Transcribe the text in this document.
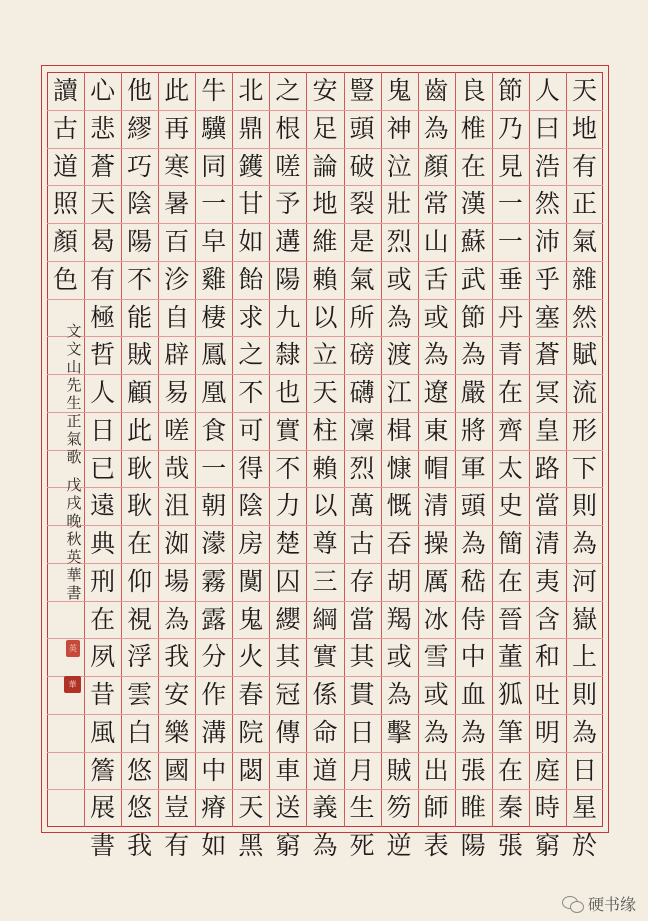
天
地
有
正
氣
雜
然
賦
流
形
下
則
為
河
嶽
上
則
為
日
星
於
人
曰
浩
然
沛
乎
塞
蒼
冥
皇
路
當
清
夷
含
和
吐
明
庭
時
窮
節
乃
見
一
一
垂
丹
青
在
齊
太
史
簡
在
晉
董
狐
筆
在
秦
張
良
椎
在
漢
蘇
武
節
為
嚴
將
軍
頭
為
嵇
侍
中
血
為
張
睢
陽
齒
為
顏
常
山
舌
或
為
遼
東
帽
清
操
厲
冰
雪
或
為
出
師
表
鬼
神
泣
壯
烈
或
為
渡
江
楫
慷
慨
吞
胡
羯
或
為
擊
賊
笏
逆
豎
頭
破
裂
是
氣
所
磅
礴
凜
烈
萬
古
存
當
其
貫
日
月
生
死
安
足
論
地
維
賴
以
立
天
柱
賴
以
尊
三
綱
實
係
命
道
義
為
之
根
嗟
予
遘
陽
九
隸
也
實
不
力
楚
囚
纓
其
冠
傳
車
送
窮
北
鼎
鑊
甘
如
飴
求
之
不
可
得
陰
房
闃
鬼
火
春
院
閟
天
黑
牛
驥
同
一
皁
雞
棲
鳳
凰
食
一
朝
濛
霧
露
分
作
溝
中
瘠
如
此
再
寒
暑
百
沴
自
辟
易
嗟
哉
沮
洳
場
為
我
安
樂
國
豈
有
他
繆
巧
陰
陽
不
能
賊
顧
此
耿
耿
在
仰
視
浮
雲
白
悠
悠
我
心
悲
蒼
天
曷
有
極
哲
人
日
已
遠
典
刑
在
夙
昔
風
簷
展
書
讀
古
道
照
顏
色
文
文
山
先
生
正
氣
歌
戊
戌
晚
秋
英
華
書
英
華
硬书缘
